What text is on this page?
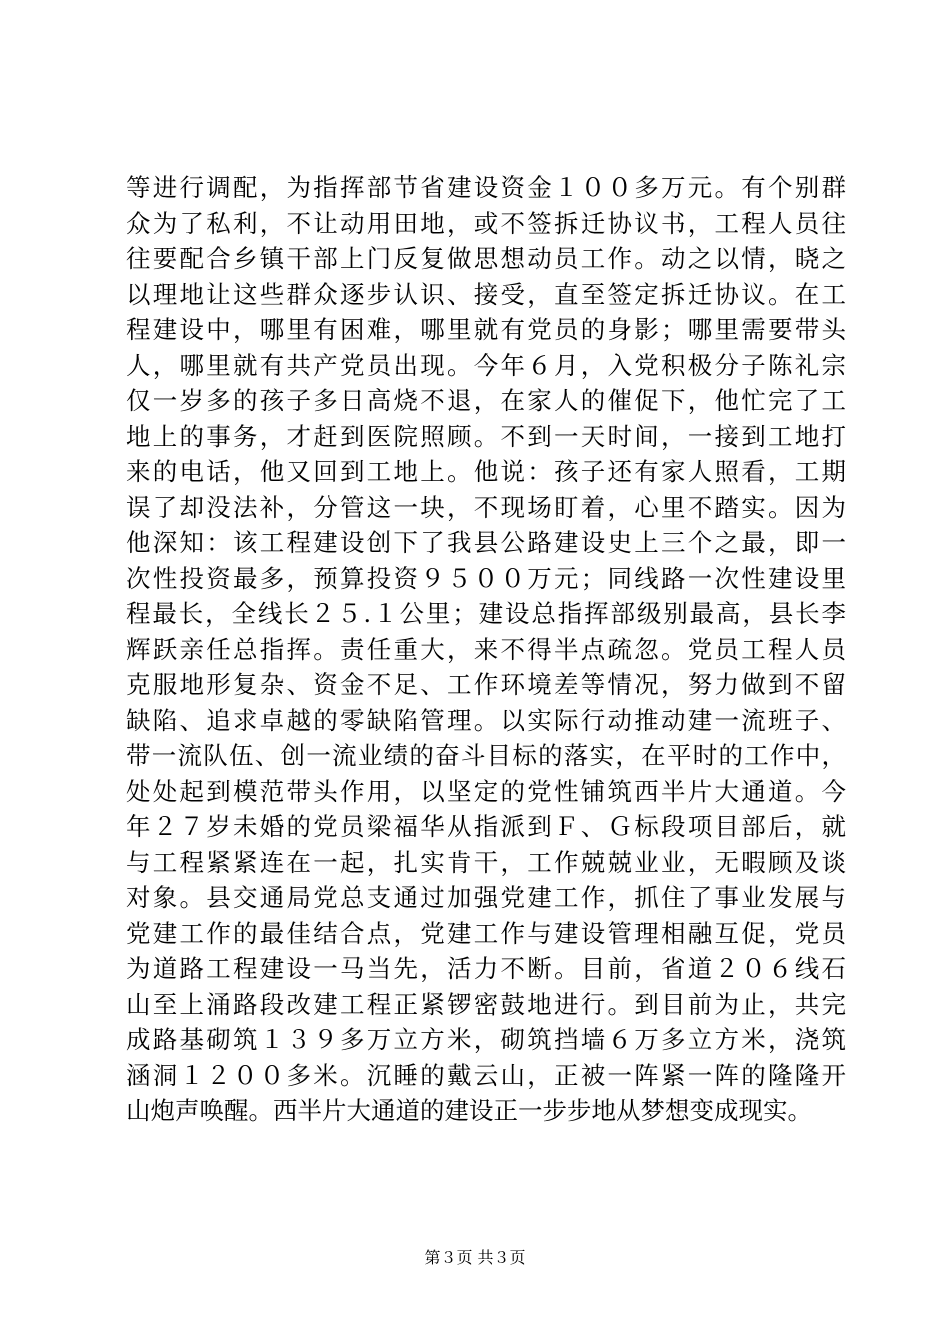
等进行调配，为指挥部节省建设资金１００多万元。有个别群
众为了私利，不让动用田地，或不签拆迁协议书，工程人员往
往要配合乡镇干部上门反复做思想动员工作。动之以情，晓之
以理地让这些群众逐步认识、接受，直至签定拆迁协议。在工
程建设中，哪里有困难，哪里就有党员的身影；哪里需要带头
人，哪里就有共产党员出现。今年６月，入党积极分子陈礼宗
仅一岁多的孩子多日高烧不退，在家人的催促下，他忙完了工
地上的事务，才赶到医院照顾。不到一天时间，一接到工地打
来的电话，他又回到工地上。他说：孩子还有家人照看，工期
误了却没法补，分管这一块，不现场盯着，心里不踏实。因为
他深知：该工程建设创下了我县公路建设史上三个之最，即一
次性投资最多，预算投资９５００万元；同线路一次性建设里
程最长，全线长２５.１公里；建设总指挥部级别最高，县长李
辉跃亲任总指挥。责任重大，来不得半点疏忽。党员工程人员
克服地形复杂、资金不足、工作环境差等情况，努力做到不留
缺陷、追求卓越的零缺陷管理。以实际行动推动建一流班子、
带一流队伍、创一流业绩的奋斗目标的落实，在平时的工作中，
处处起到模范带头作用，以坚定的党性铺筑西半片大通道。今
年２７岁未婚的党员梁福华从指派到Ｆ、Ｇ标段项目部后，就
与工程紧紧连在一起，扎实肯干，工作兢兢业业，无暇顾及谈
对象。县交通局党总支通过加强党建工作，抓住了事业发展与
党建工作的最佳结合点，党建工作与建设管理相融互促，党员
为道路工程建设一马当先，活力不断。目前，省道２０６线石
山至上涌路段改建工程正紧锣密鼓地进行。到目前为止，共完
成路基砌筑１３９多万立方米，砌筑挡墙６万多立方米，浇筑
涵洞１２００多米。沉睡的戴云山，正被一阵紧一阵的隆隆开
山炮声唤醒。西半片大通道的建设正一步步地从梦想变成现实。
第３页 共３页
